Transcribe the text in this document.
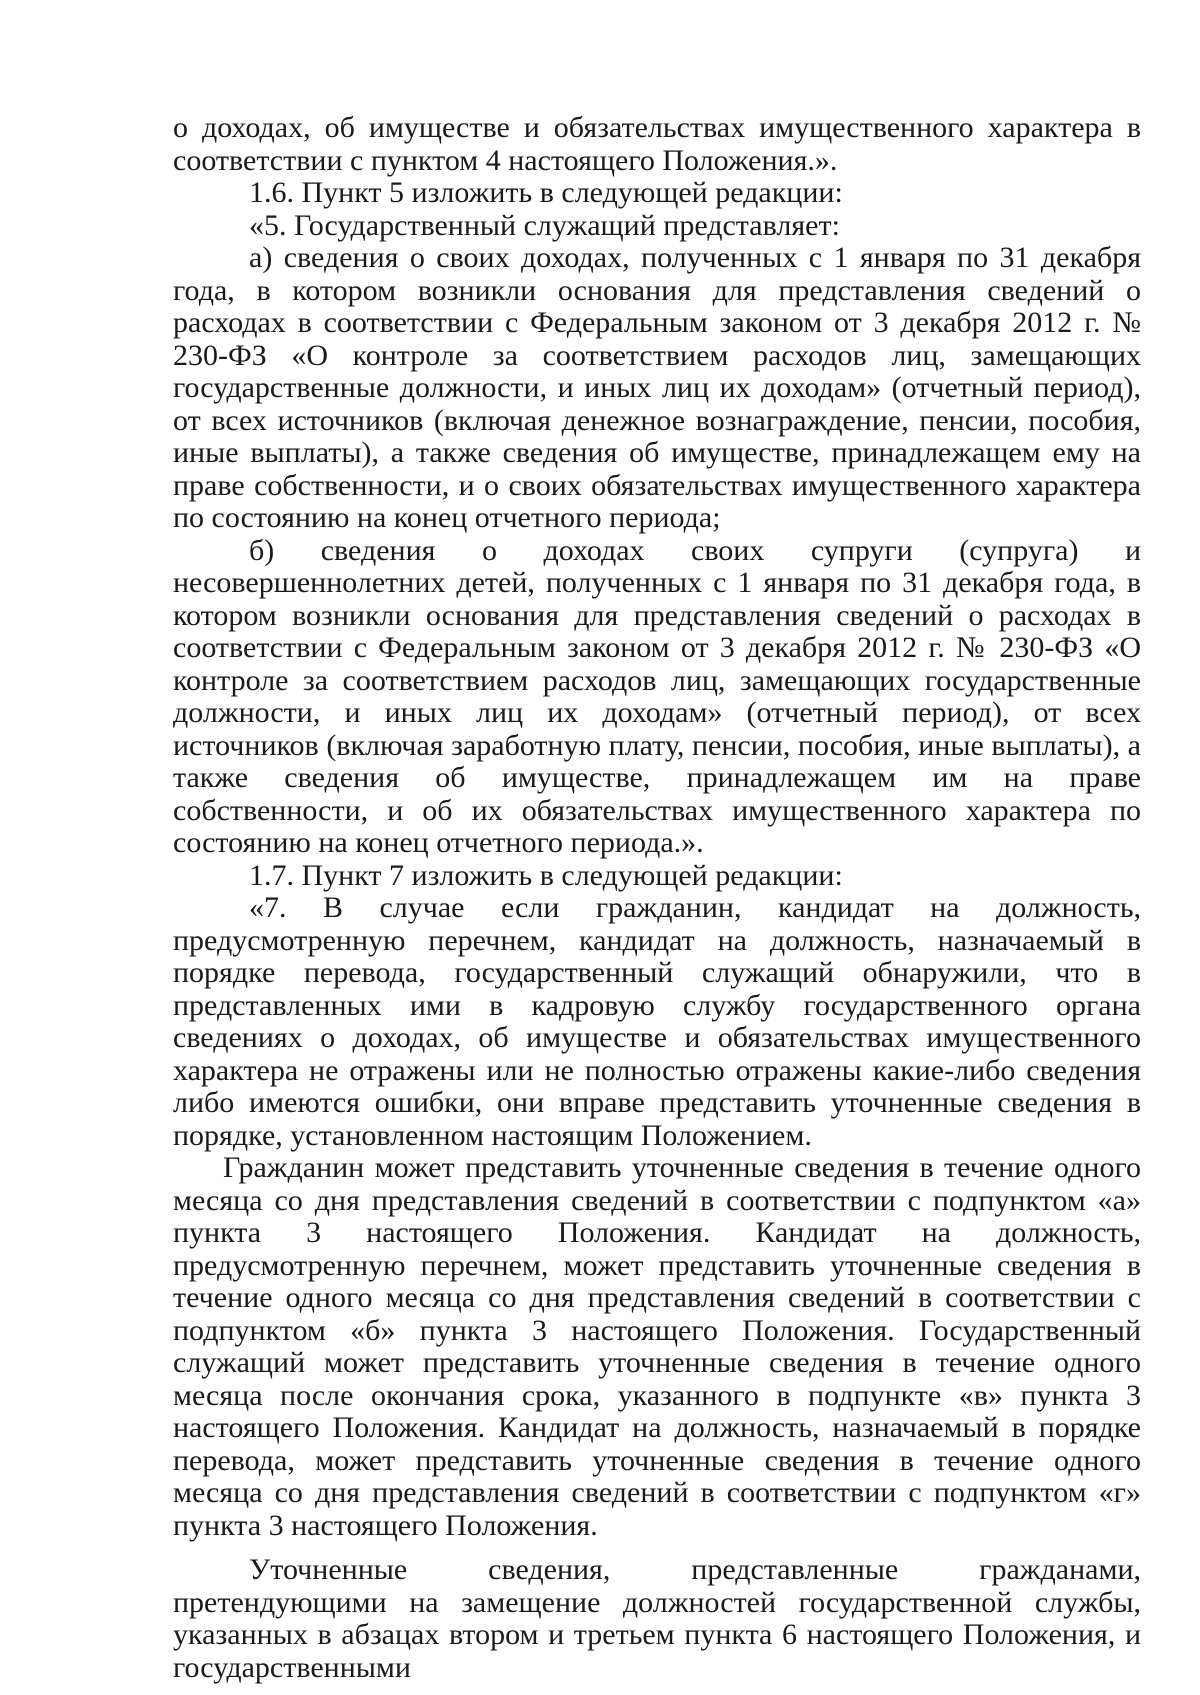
о доходах, об имуществе и обязательствах имущественного характера в соответствии с пунктом 4 настоящего Положения.».

1.6. Пункт 5 изложить в следующей редакции:

«5. Государственный служащий представляет:

а) сведения о своих доходах, полученных с 1 января по 31 декабря года, в котором возникли основания для представления сведений о расходах в соответствии с Федеральным законом от 3 декабря 2012 г. № 230-ФЗ «О контроле за соответствием расходов лиц, замещающих государственные должности, и иных лиц их доходам» (отчетный период), от всех источников (включая денежное вознаграждение, пенсии, пособия, иные выплаты), а также сведения об имуществе, принадлежащем ему на праве собственности, и о своих обязательствах имущественного характера по состоянию на конец отчетного периода;

б) сведения о доходах своих супруги (супруга) и несовершеннолетних детей, полученных с 1 января по 31 декабря года, в котором возникли основания для представления сведений о расходах в соответствии с Федеральным законом от 3 декабря 2012 г. № 230-ФЗ «О контроле за соответствием расходов лиц, замещающих государственные должности, и иных лиц их доходам» (отчетный период), от всех источников (включая заработную плату, пенсии, пособия, иные выплаты), а также сведения об имуществе, принадлежащем им на праве собственности, и об их обязательствах имущественного характера по состоянию на конец отчетного периода.».

1.7. Пункт 7 изложить в следующей редакции:

«7. В случае если гражданин, кандидат на должность, предусмотренную перечнем, кандидат на должность, назначаемый в порядке перевода, государственный служащий обнаружили, что в представленных ими в кадровую службу государственного органа сведениях о доходах, об имуществе и обязательствах имущественного характера не отражены или не полностью отражены какие-либо сведения либо имеются ошибки, они вправе представить уточненные сведения в порядке, установленном настоящим Положением.

Гражданин может представить уточненные сведения в течение одного месяца со дня представления сведений в соответствии с подпунктом «а» пункта 3 настоящего Положения. Кандидат на должность, предусмотренную перечнем, может представить уточненные сведения в течение одного месяца со дня представления сведений в соответствии с подпунктом «б» пункта 3 настоящего Положения. Государственный служащий может представить уточненные сведения в течение одного месяца после окончания срока, указанного в подпункте «в» пункта 3 настоящего Положения. Кандидат на должность, назначаемый в порядке перевода, может представить уточненные сведения в течение одного месяца со дня представления сведений в соответствии с подпунктом «г» пункта 3 настоящего Положения.

Уточненные сведения, представленные гражданами, претендующими на замещение должностей государственной службы, указанных в абзацах втором и третьем пункта 6 настоящего Положения, и государственными
